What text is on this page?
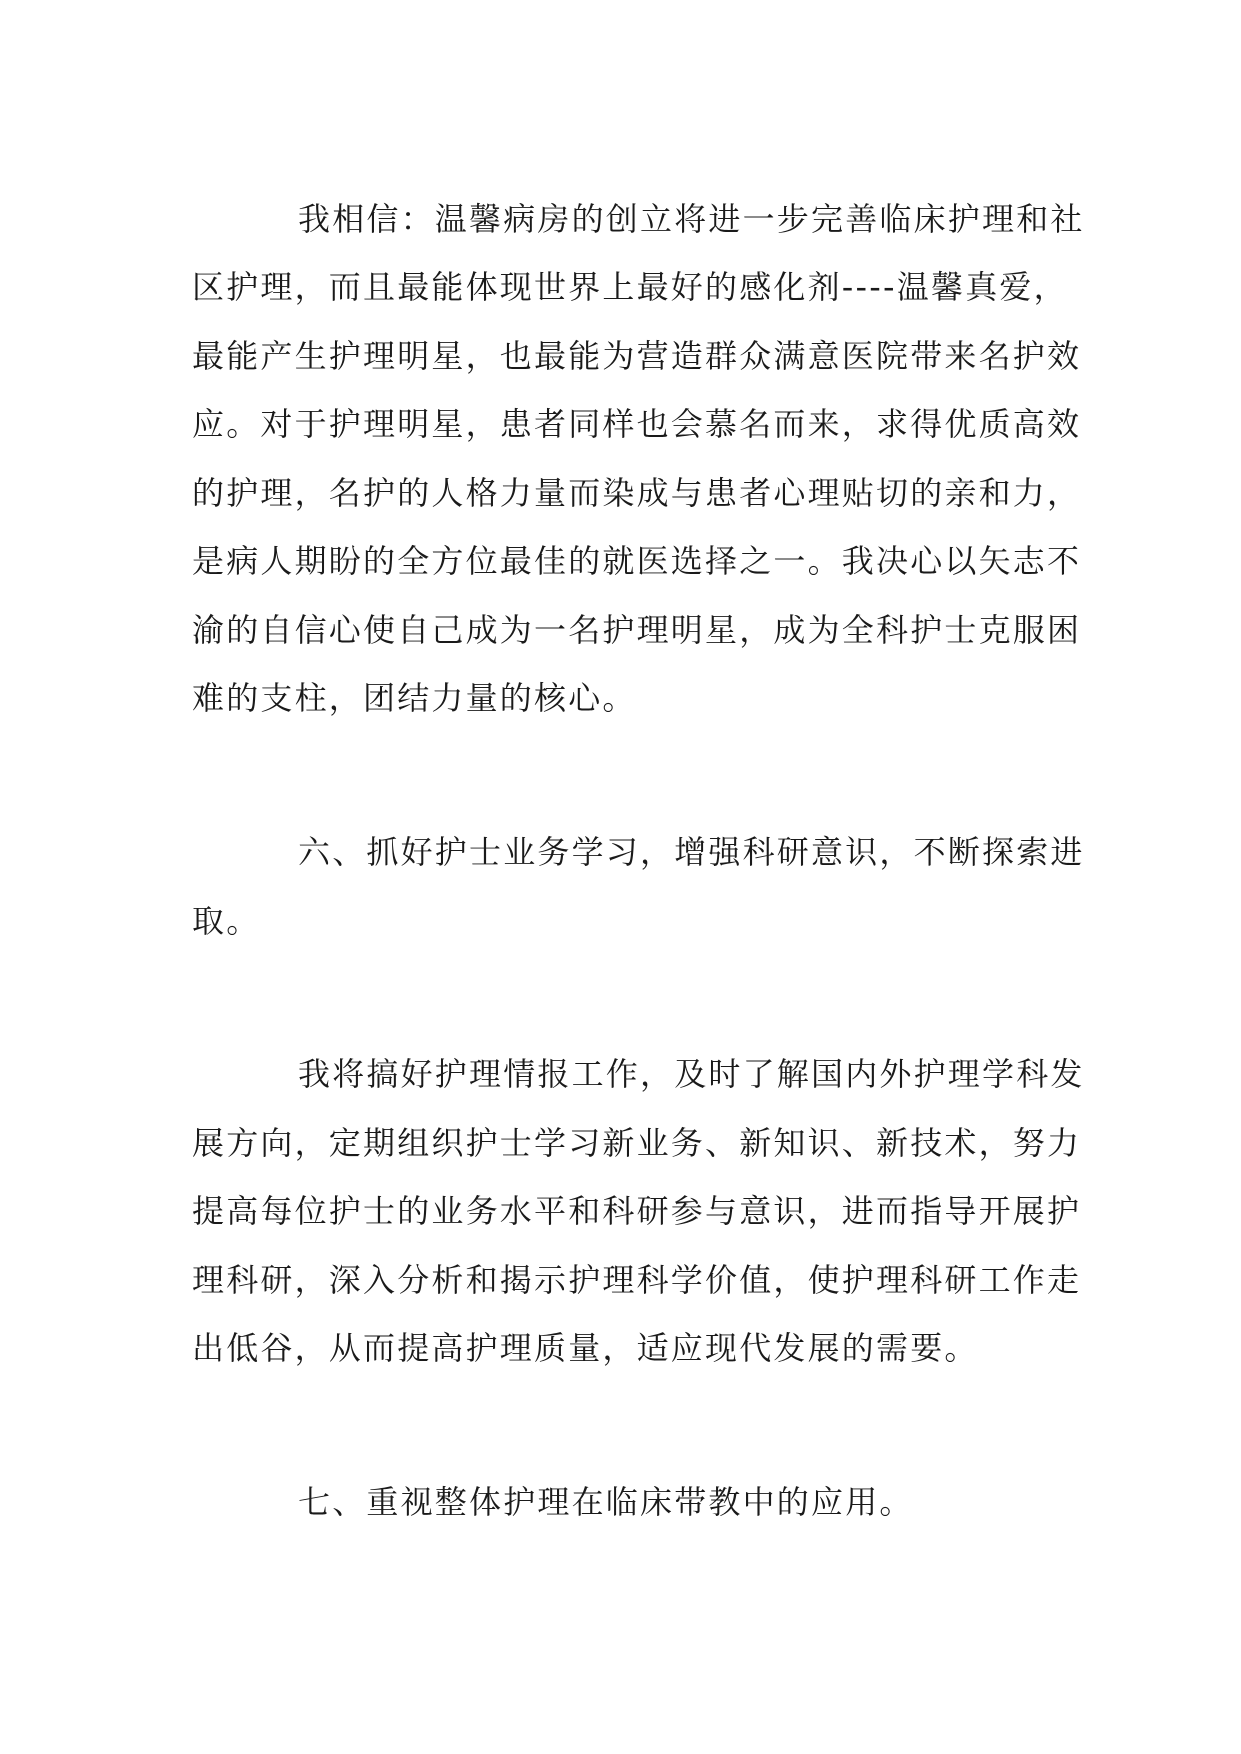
我相信：温馨病房的创立将进一步完善临床护理和社

区护理，而且最能体现世界上最好的感化剂----温馨真爱，

最能产生护理明星，也最能为营造群众满意医院带来名护效

应。对于护理明星，患者同样也会慕名而来，求得优质高效

的护理，名护的人格力量而染成与患者心理贴切的亲和力，

是病人期盼的全方位最佳的就医选择之一。我决心以矢志不

渝的自信心使自己成为一名护理明星，成为全科护士克服困

难的支柱，团结力量的核心。

六、抓好护士业务学习，增强科研意识，不断探索进

取。

我将搞好护理情报工作，及时了解国内外护理学科发

展方向，定期组织护士学习新业务、新知识、新技术，努力

提高每位护士的业务水平和科研参与意识，进而指导开展护

理科研，深入分析和揭示护理科学价值，使护理科研工作走

出低谷，从而提高护理质量，适应现代发展的需要。

七、重视整体护理在临床带教中的应用。
